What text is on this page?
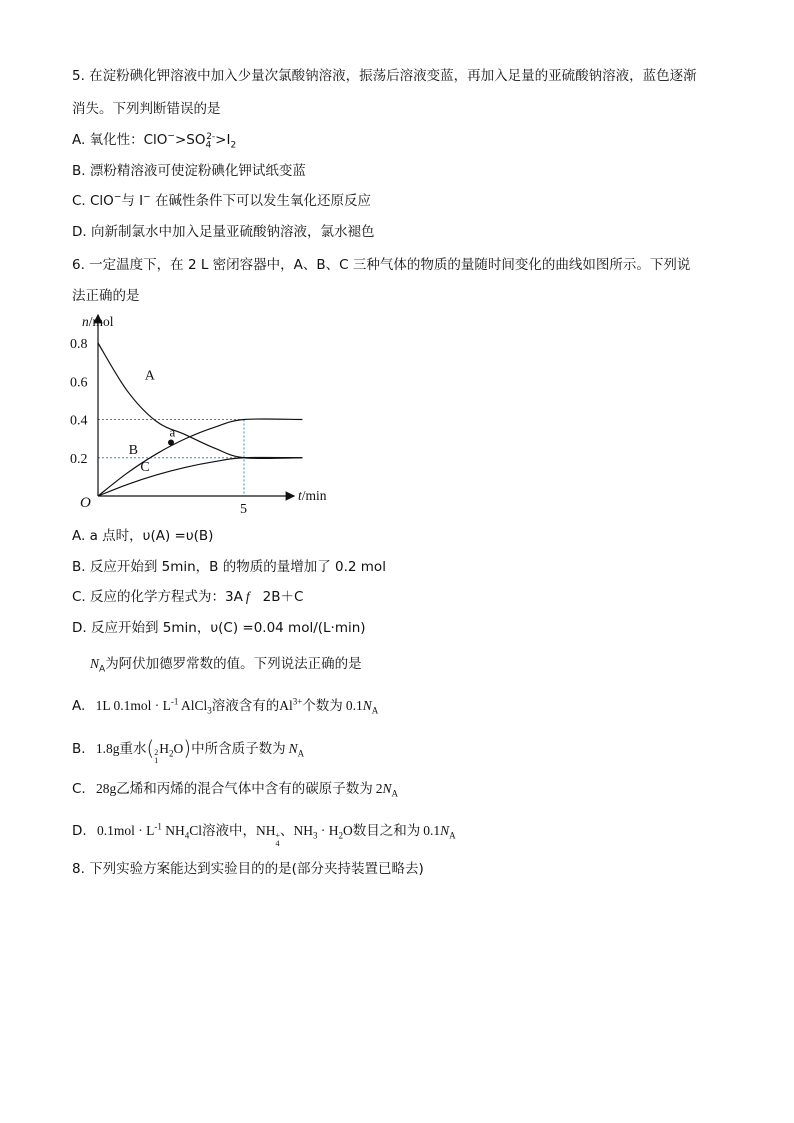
5. 在淀粉碘化钾溶液中加入少量次氯酸钠溶液，振荡后溶液变蓝，再加入足量的亚硫酸钠溶液，蓝色逐渐
消失。下列判断错误的是
A. 氧化性：$ClO^->SO_4^{2-}>I_2$
B. 漂粉精溶液可使淀粉碘化钾试纸变蓝
C. ClO−与 I− 在碱性条件下可以发生氧化还原反应
D. 向新制氯水中加入足量亚硫酸钠溶液，氯水褪色
6. 一定温度下，在 2 L 密闭容器中，A、B、C 三种气体的物质的量随时间变化的曲线如图所示。下列说
法正确的是
A
B
C
a
0.8
0.6
0.4
0.2
5
n/mol
t/min
O
A. a 点时，υ(A) =υ(B)
B. 反应开始到 5min，B 的物质的量增加了 0.2 mol
C. 反应的化学方程式为：3A f 2B＋C
D. 反应开始到 5min，υ(C) =0.04 mol/(L·min)
$N_A$为阿伏加德罗常数的值。下列说法正确的是
A. 1L $0.1mol \cdot L^{-1}$ AlCl$_3$溶液含有的$Al^{3+}$个数为 $0.1N_A$
B. 1.8g重水( 2
1
$H_2O$)中所含质子数为 $N_A$
C. 28g乙烯和丙烯的混合气体中含有的碳原子数为 $2N_A$
D. $0.1mol \cdot L^{-1}$ $NH_4Cl$溶液中，NH +
4
、$NH_3 \cdot H_2O$数目之和为 $0.1N_A$
8. 下列实验方案能达到实验目的的是(部分夹持装置已略去)
